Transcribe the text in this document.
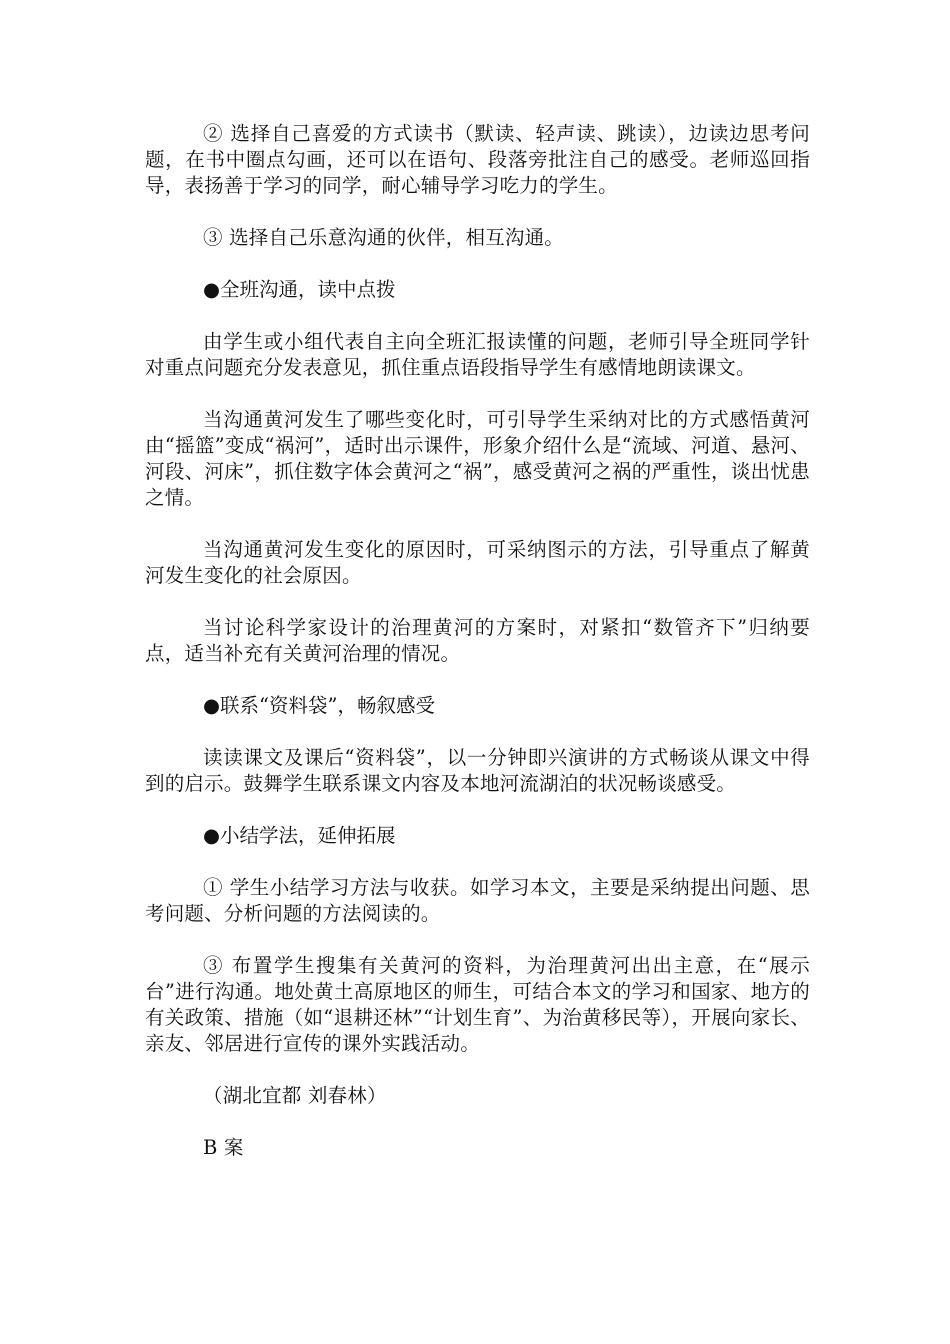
② 选择自己喜爱的方式读书（默读、轻声读、跳读），边读边思考问题，在书中圈点勾画，还可以在语句、段落旁批注自己的感受。老师巡回指导，表扬善于学习的同学，耐心辅导学习吃力的学生。

③ 选择自己乐意沟通的伙伴，相互沟通。

●全班沟通，读中点拨

由学生或小组代表自主向全班汇报读懂的问题，老师引导全班同学针对重点问题充分发表意见，抓住重点语段指导学生有感情地朗读课文。

当沟通黄河发生了哪些变化时，可引导学生采纳对比的方式感悟黄河由“摇篮”变成“祸河”，适时出示课件，形象介绍什么是“流域、河道、悬河、河段、河床”，抓住数字体会黄河之“祸”，感受黄河之祸的严重性，谈出忧患之情。

当沟通黄河发生变化的原因时，可采纳图示的方法，引导重点了解黄河发生变化的社会原因。

当讨论科学家设计的治理黄河的方案时，对紧扣“数管齐下”归纳要点，适当补充有关黄河治理的情况。

●联系“资料袋”，畅叙感受

读读课文及课后“资料袋”，以一分钟即兴演讲的方式畅谈从课文中得到的启示。鼓舞学生联系课文内容及本地河流湖泊的状况畅谈感受。

●小结学法，延伸拓展

① 学生小结学习方法与收获。如学习本文，主要是采纳提出问题、思考问题、分析问题的方法阅读的。

③ 布置学生搜集有关黄河的资料，为治理黄河出出主意，在“展示台”进行沟通。地处黄土高原地区的师生，可结合本文的学习和国家、地方的有关政策、措施（如“退耕还林”“计划生育”、为治黄移民等），开展向家长、亲友、邻居进行宣传的课外实践活动。

（湖北宜都 刘春林）

B 案
